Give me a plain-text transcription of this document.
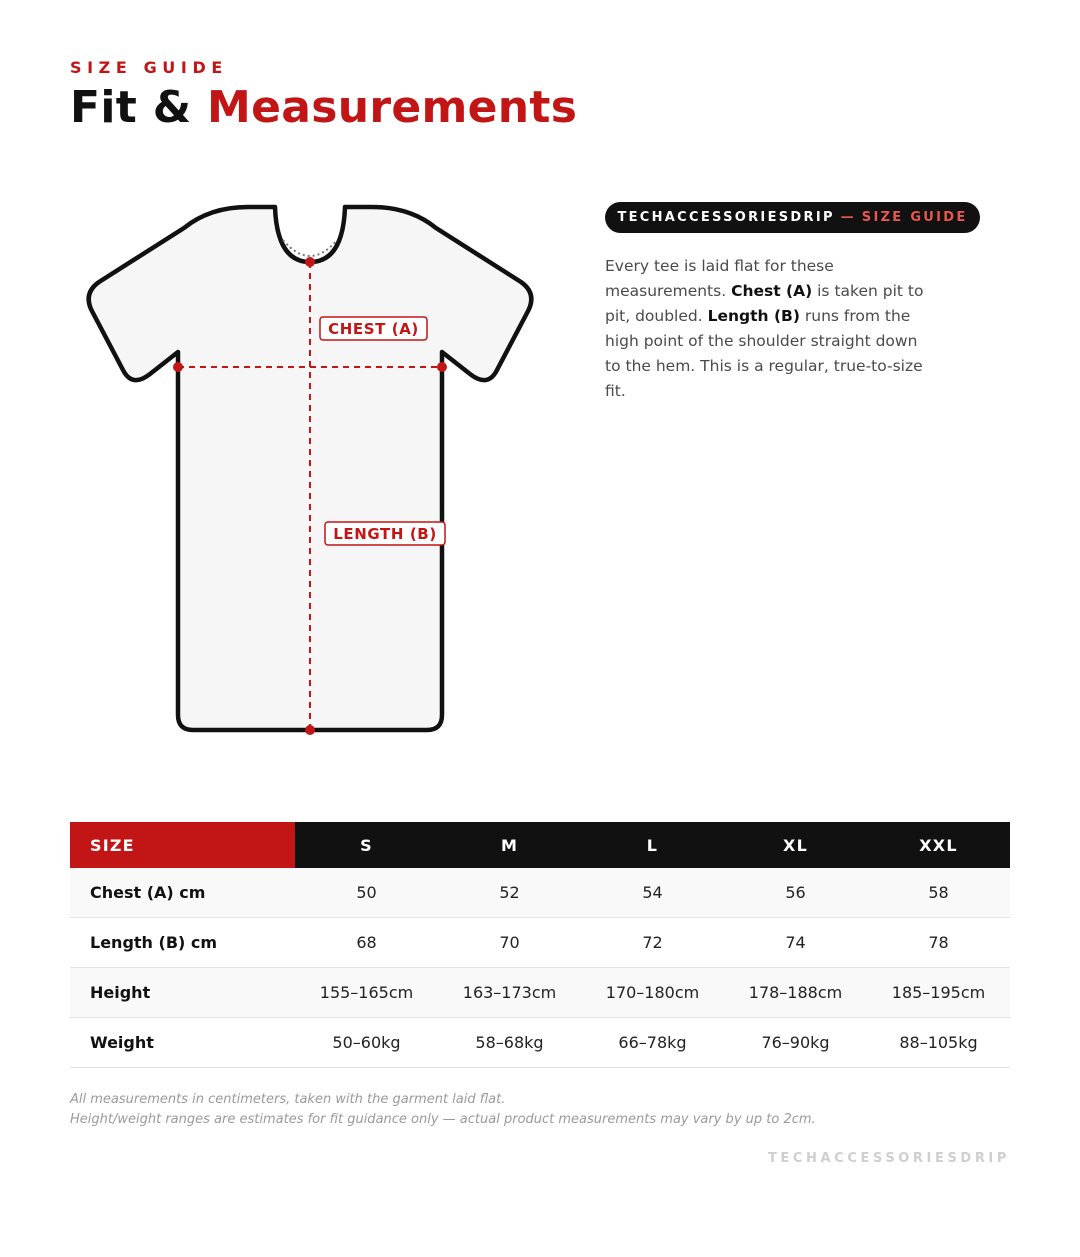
SIZE GUIDE

Fit & Measurements
CHEST (A)
LENGTH (B)
TECHACCESSORIESDRIP — SIZE GUIDE

Every tee is laid flat for these measurements. Chest (A) is taken pit to pit, doubled. Length (B) runs from the high point of the shoulder straight down to the hem. This is a regular, true-to-size fit.

SIZE	S	M	L	XL	XXL
Chest (A) cm	50	52	54	56	58
Length (B) cm	68	70	72	74	78
Height	155–165cm	163–173cm	170–180cm	178–188cm	185–195cm
Weight	50–60kg	58–68kg	66–78kg	76–90kg	88–105kg

All measurements in centimeters, taken with the garment laid flat.
Height/weight ranges are estimates for fit guidance only — actual product measurements may vary by up to 2cm.

TECHACCESSORIESDRIP
